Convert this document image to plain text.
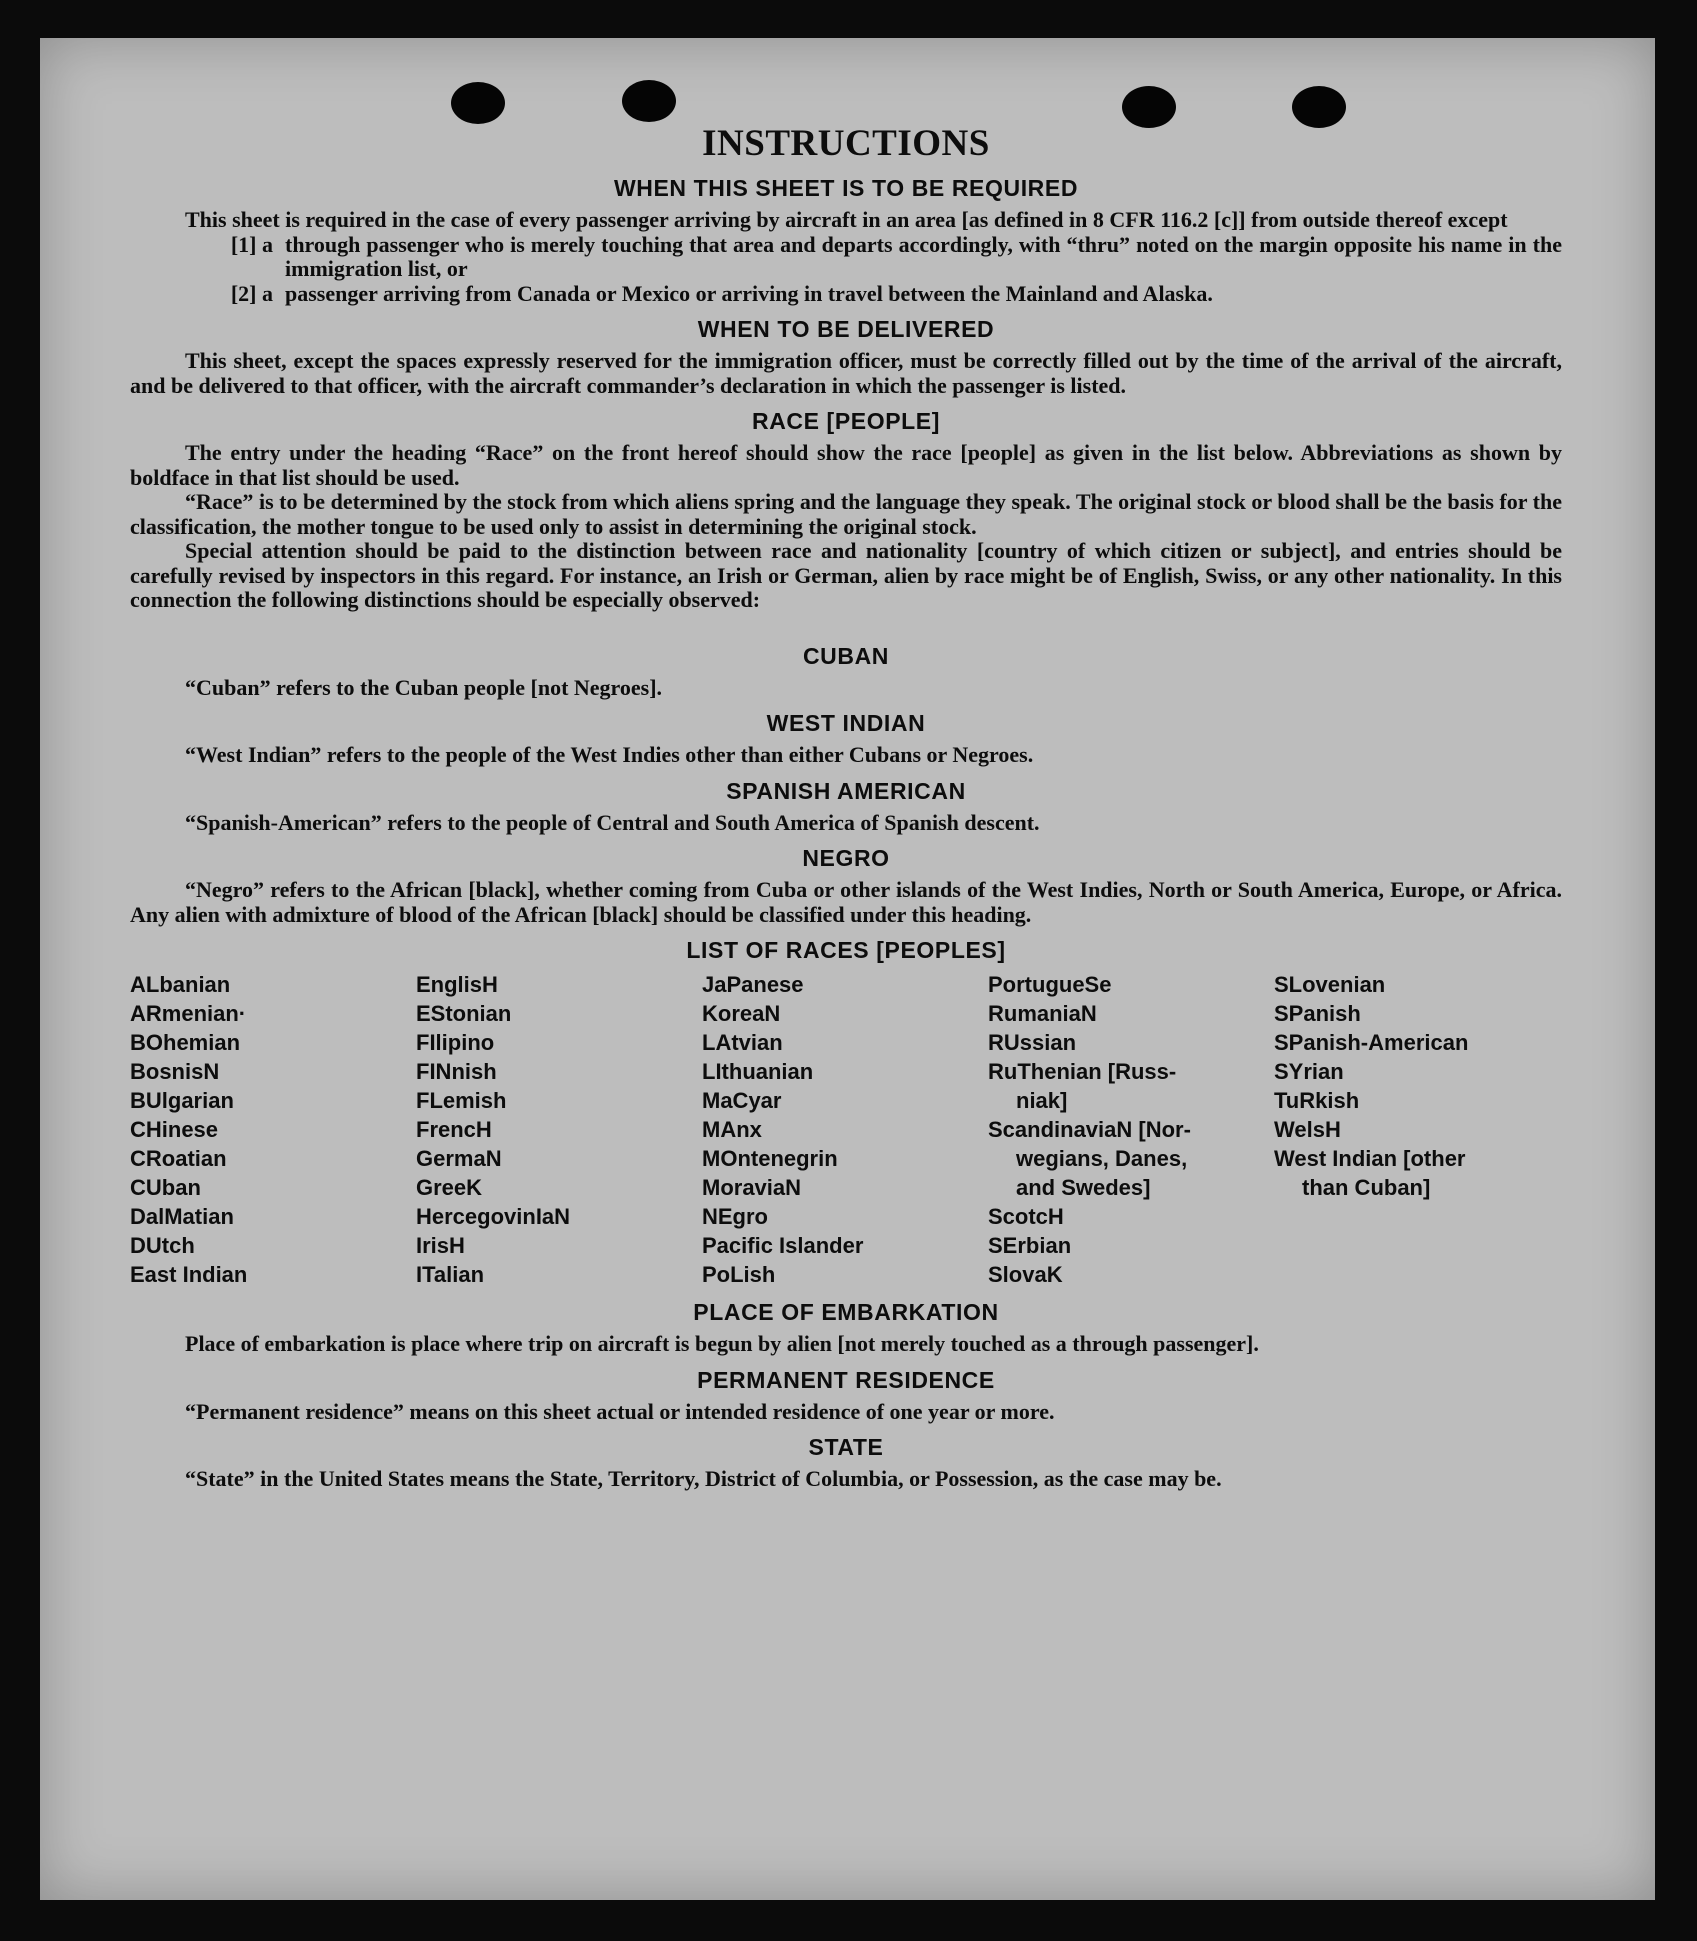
INSTRUCTIONS
WHEN THIS SHEET IS TO BE REQUIRED

This sheet is required in the case of every passenger arriving by aircraft in an area [as defined in 8 CFR 116.2 [c]] from outside thereof except

[1] a through passenger who is merely touching that area and departs accordingly, with “thru” noted on the margin opposite his name in the immigration list, or
[2] a passenger arriving from Canada or Mexico or arriving in travel between the Mainland and Alaska.
WHEN TO BE DELIVERED

This sheet, except the spaces expressly reserved for the immigration officer, must be correctly filled out by the time of the arrival of the aircraft, and be delivered to that officer, with the aircraft commander’s declaration in which the passenger is listed.

RACE [PEOPLE]

The entry under the heading “Race” on the front hereof should show the race [people] as given in the list below. Abbreviations as shown by boldface in that list should be used.

“Race” is to be determined by the stock from which aliens spring and the language they speak. The original stock or blood shall be the basis for the classification, the mother tongue to be used only to assist in determining the original stock.

Special attention should be paid to the distinction between race and nationality [country of which citizen or subject], and entries should be carefully revised by inspectors in this regard. For instance, an Irish or German, alien by race might be of English, Swiss, or any other nationality. In this connection the following distinctions should be especially observed:

CUBAN

“Cuban” refers to the Cuban people [not Negroes].

WEST INDIAN

“West Indian” refers to the people of the West Indies other than either Cubans or Negroes.

SPANISH AMERICAN

“Spanish-American” refers to the people of Central and South America of Spanish descent.

NEGRO

“Negro” refers to the African [black], whether coming from Cuba or other islands of the West Indies, North or South America, Europe, or Africa. Any alien with admixture of blood of the African [black] should be classified under this heading.

LIST OF RACES [PEOPLES]
ALbanian
ARmenian·
BOhemian
BosnisN
BUlgarian
CHinese
CRoatian
CUban
DalMatian
DUtch
East Indian
EnglisH
EStonian
FIlipino
FINnish
FLemish
FrencH
GermaN
GreeK
HercegovinIaN
IrisH
ITalian
JaPanese
KoreaN
LAtvian
LIthuanian
MaCyar
MAnx
MOntenegrin
MoraviaN
NEgro
Pacific Islander
PoLish
PortugueSe
RumaniaN
RUssian
RuThenian [Russ-
niak]
ScandinaviaN [Nor-
wegians, Danes,
and Swedes]
ScotcH
SErbian
SlovaK
SLovenian
SPanish
SPanish-American
SYrian
TuRkish
WelsH
West Indian [other
than Cuban]
PLACE OF EMBARKATION

Place of embarkation is place where trip on aircraft is begun by alien [not merely touched as a through passenger].

PERMANENT RESIDENCE

“Permanent residence” means on this sheet actual or intended residence of one year or more.

STATE

“State” in the United States means the State, Territory, District of Columbia, or Possession, as the case may be.
